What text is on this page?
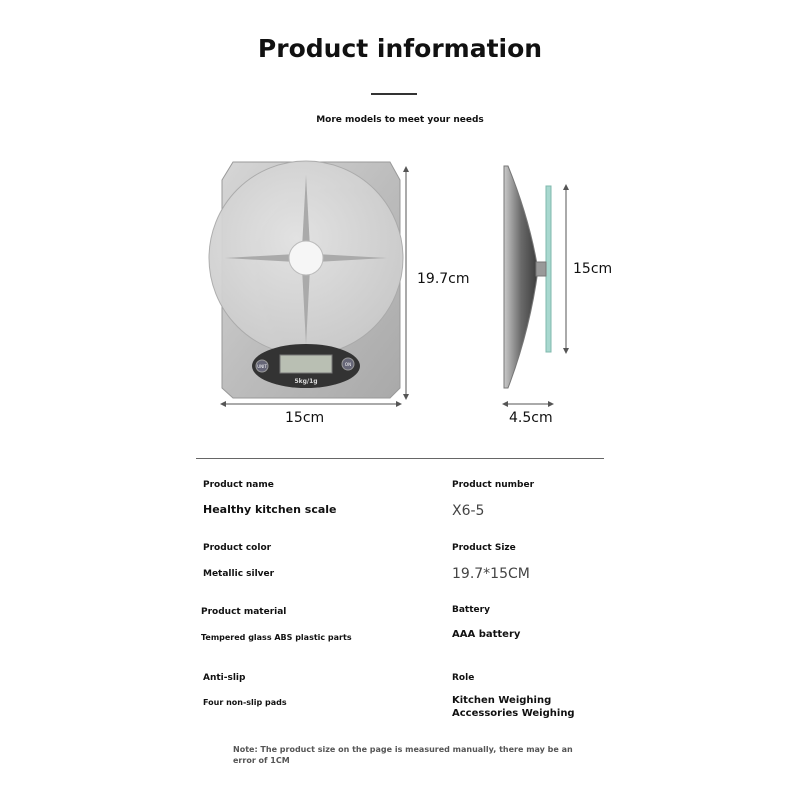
Product information
More models to meet your needs
UNIT	ON
5kg/1g
19.7cm
15cm
15cm
4.5cm
Product name
Healthy kitchen scale
Product number
X6-5
Product color
Metallic silver
Product Size
19.7*15CM
Product material
Tempered glass ABS plastic parts
Battery
AAA battery
Anti-slip
Four non-slip pads
Role
Kitchen Weighing Accessories Weighing
Note: The product size on the page is measured manually, there may be an error of 1CM
